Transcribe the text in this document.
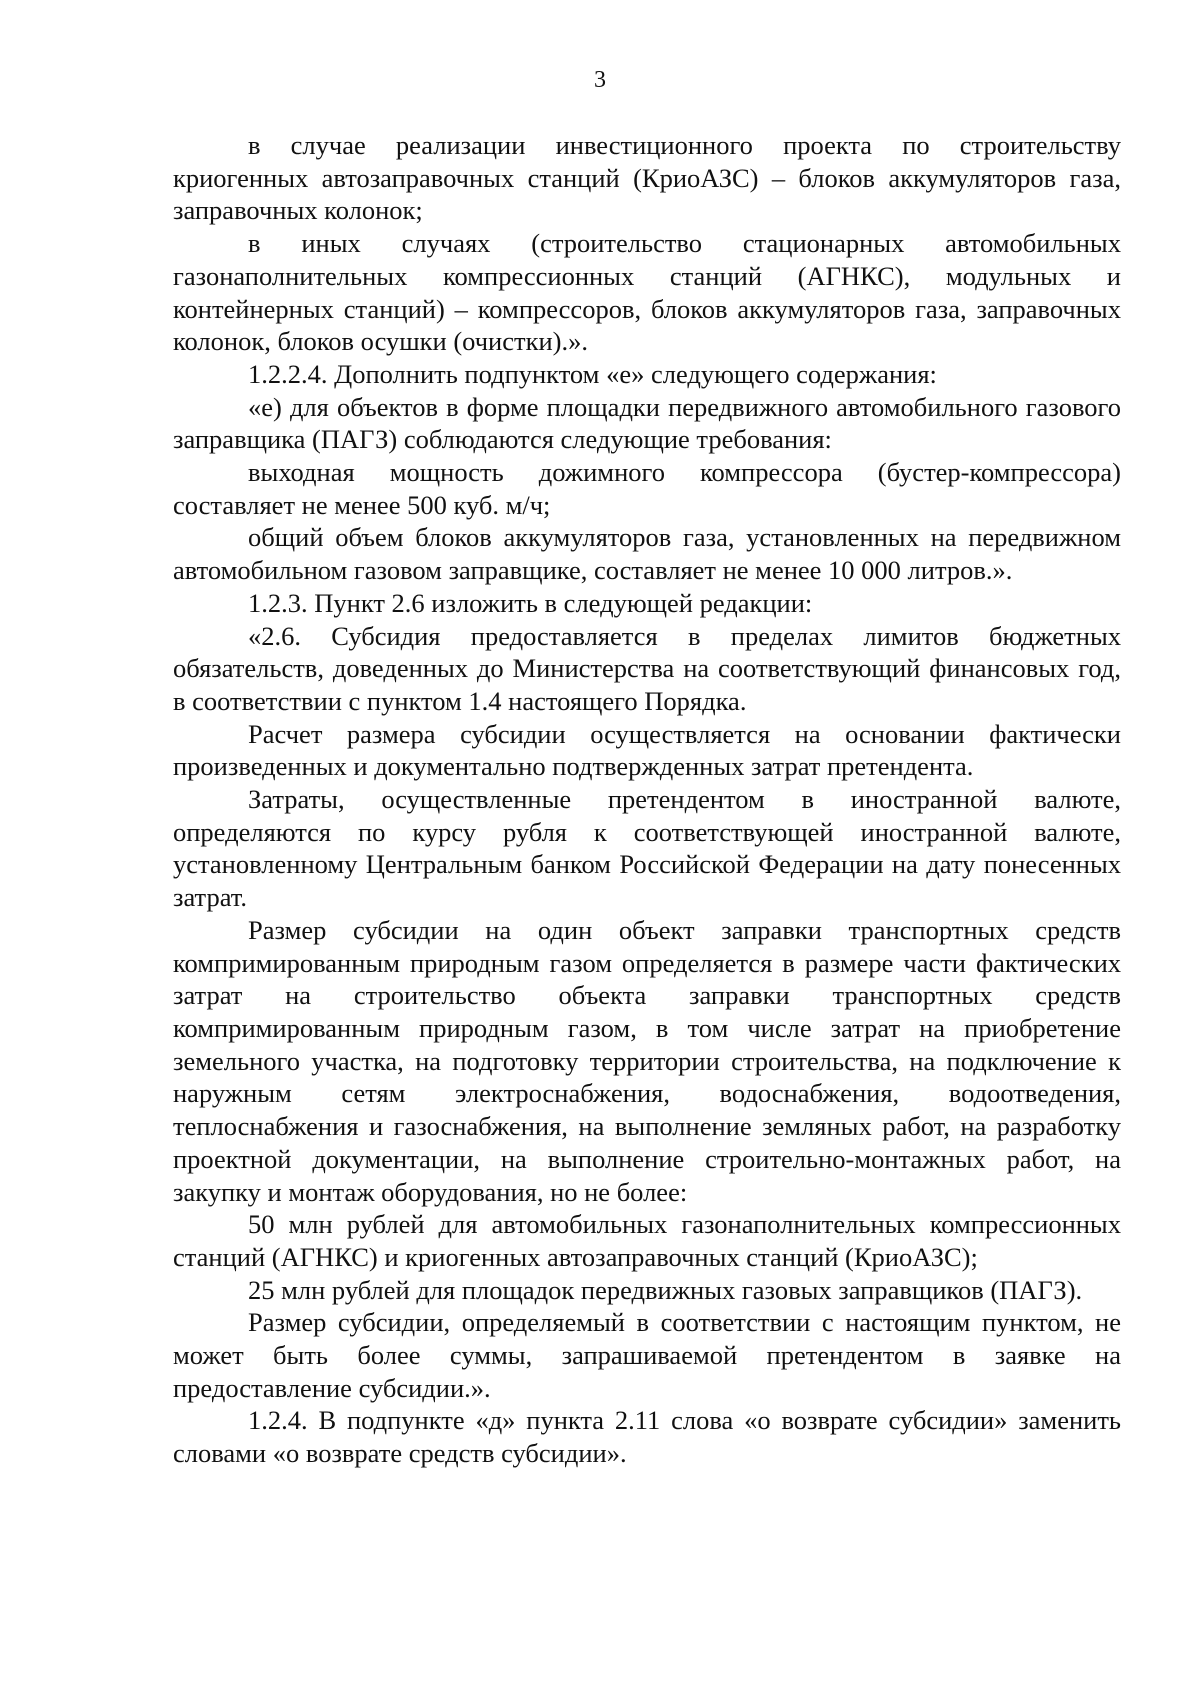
3

в случае реализации инвестиционного проекта по строительству криогенных автозаправочных станций (КриоАЗС) – блоков аккумуляторов газа, заправочных колонок;

в иных случаях (строительство стационарных автомобильных газонаполнительных компрессионных станций (АГНКС), модульных и контейнерных станций) – компрессоров, блоков аккумуляторов газа, заправочных колонок, блоков осушки (очистки).».

1.2.2.4. Дополнить подпунктом «е» следующего содержания:

«е) для объектов в форме площадки передвижного автомобильного газового заправщика (ПАГЗ) соблюдаются следующие требования:

выходная мощность дожимного компрессора (бустер-компрессора) составляет не менее 500 куб. м/ч;

общий объем блоков аккумуляторов газа, установленных на передвижном автомобильном газовом заправщике, составляет не менее 10 000 литров.».

1.2.3. Пункт 2.6 изложить в следующей редакции:

«2.6. Субсидия предоставляется в пределах лимитов бюджетных обязательств, доведенных до Министерства на соответствующий финансовых год, в соответствии с пунктом 1.4 настоящего Порядка.

Расчет размера субсидии осуществляется на основании фактически произведенных и документально подтвержденных затрат претендента.

Затраты, осуществленные претендентом в иностранной валюте, определяются по курсу рубля к соответствующей иностранной валюте, установленному Центральным банком Российской Федерации на дату понесенных затрат.

Размер субсидии на один объект заправки транспортных средств компримированным природным газом определяется в размере части фактических затрат на строительство объекта заправки транспортных средств компримированным природным газом, в том числе затрат на приобретение земельного участка, на подготовку территории строительства, на подключение к наружным сетям электроснабжения, водоснабжения, водоотведения, теплоснабжения и газоснабжения, на выполнение земляных работ, на разработку проектной документации, на выполнение строительно-монтажных работ, на закупку и монтаж оборудования, но не более:

50 млн рублей для автомобильных газонаполнительных компрессионных станций (АГНКС) и криогенных автозаправочных станций (КриоАЗС);

25 млн рублей для площадок передвижных газовых заправщиков (ПАГЗ).

Размер субсидии, определяемый в соответствии с настоящим пунктом, не может быть более суммы, запрашиваемой претендентом в заявке на предоставление субсидии.».

1.2.4. В подпункте «д» пункта 2.11 слова «о возврате субсидии» заменить словами «о возврате средств субсидии».
